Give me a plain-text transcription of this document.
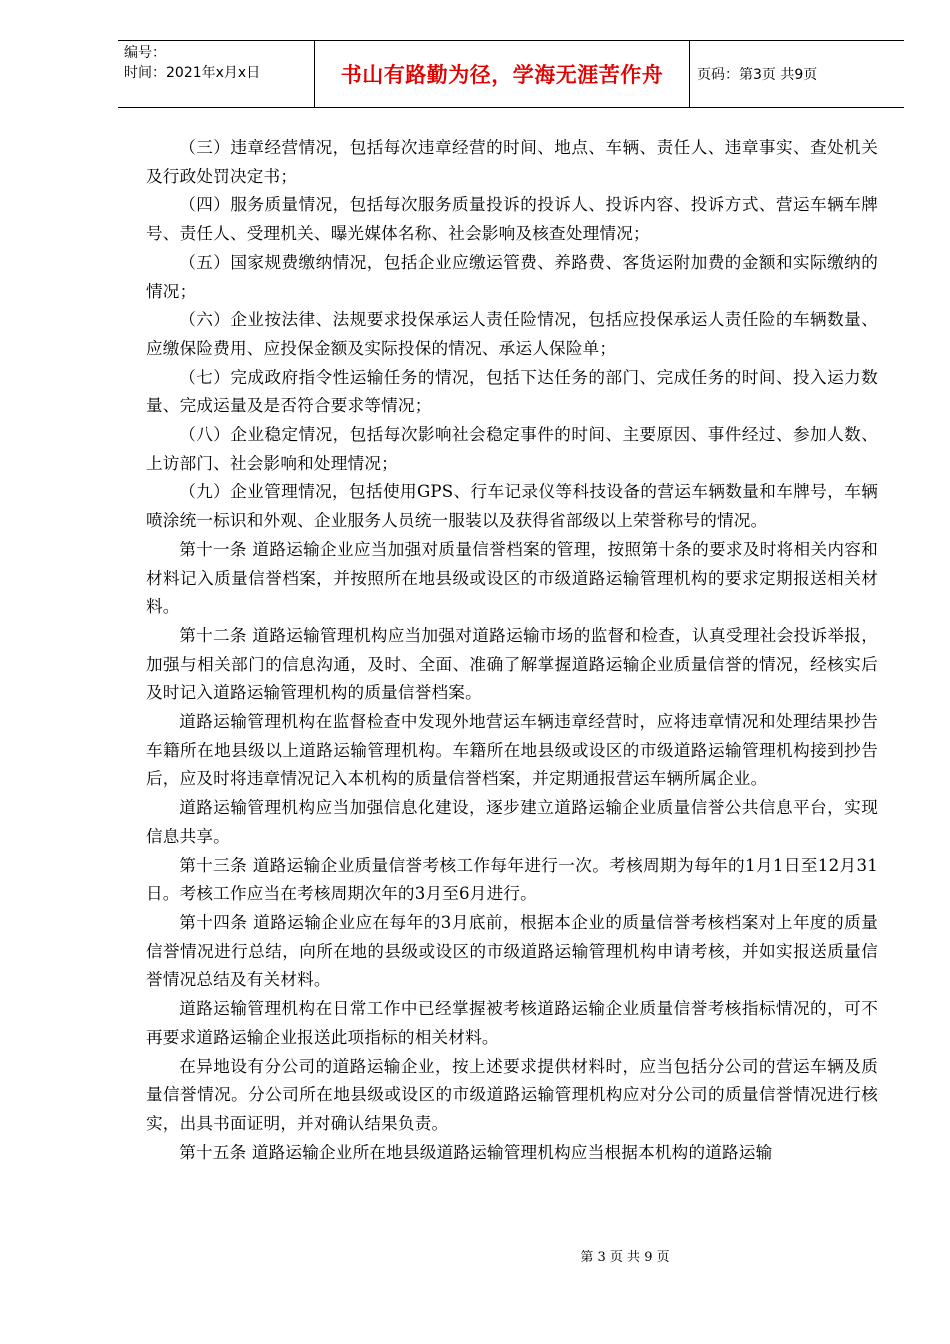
编号：
时间：2021年x月x日	书山有路勤为径，学海无涯苦作舟	页码：第3页 共9页

（三）违章经营情况，包括每次违章经营的时间、地点、车辆、责任人、违章事实、查处机关及行政处罚决定书；

（四）服务质量情况，包括每次服务质量投诉的投诉人、投诉内容、投诉方式、营运车辆车牌号、责任人、受理机关、曝光媒体名称、社会影响及核查处理情况；

（五）国家规费缴纳情况，包括企业应缴运管费、养路费、客货运附加费的金额和实际缴纳的情况；

（六）企业按法律、法规要求投保承运人责任险情况，包括应投保承运人责任险的车辆数量、应缴保险费用、应投保金额及实际投保的情况、承运人保险单；

（七）完成政府指令性运输任务的情况，包括下达任务的部门、完成任务的时间、投入运力数量、完成运量及是否符合要求等情况；

（八）企业稳定情况，包括每次影响社会稳定事件的时间、主要原因、事件经过、参加人数、上访部门、社会影响和处理情况；

（九）企业管理情况，包括使用GPS、行车记录仪等科技设备的营运车辆数量和车牌号，车辆喷涂统一标识和外观、企业服务人员统一服装以及获得省部级以上荣誉称号的情况。

第十一条 道路运输企业应当加强对质量信誉档案的管理，按照第十条的要求及时将相关内容和材料记入质量信誉档案，并按照所在地县级或设区的市级道路运输管理机构的要求定期报送相关材料。

第十二条 道路运输管理机构应当加强对道路运输市场的监督和检查，认真受理社会投诉举报，加强与相关部门的信息沟通，及时、全面、准确了解掌握道路运输企业质量信誉的情况，经核实后及时记入道路运输管理机构的质量信誉档案。

道路运输管理机构在监督检查中发现外地营运车辆违章经营时，应将违章情况和处理结果抄告车籍所在地县级以上道路运输管理机构。车籍所在地县级或设区的市级道路运输管理机构接到抄告后，应及时将违章情况记入本机构的质量信誉档案，并定期通报营运车辆所属企业。

道路运输管理机构应当加强信息化建设，逐步建立道路运输企业质量信誉公共信息平台，实现信息共享。

第十三条 道路运输企业质量信誉考核工作每年进行一次。考核周期为每年的1月1日至12月31日。考核工作应当在考核周期次年的3月至6月进行。

第十四条 道路运输企业应在每年的3月底前，根据本企业的质量信誉考核档案对上年度的质量信誉情况进行总结，向所在地的县级或设区的市级道路运输管理机构申请考核，并如实报送质量信誉情况总结及有关材料。

道路运输管理机构在日常工作中已经掌握被考核道路运输企业质量信誉考核指标情况的，可不再要求道路运输企业报送此项指标的相关材料。

在异地设有分公司的道路运输企业，按上述要求提供材料时，应当包括分公司的营运车辆及质量信誉情况。分公司所在地县级或设区的市级道路运输管理机构应对分公司的质量信誉情况进行核实，出具书面证明，并对确认结果负责。

第十五条 道路运输企业所在地县级道路运输管理机构应当根据本机构的道路运输

第 3 页 共 9 页
